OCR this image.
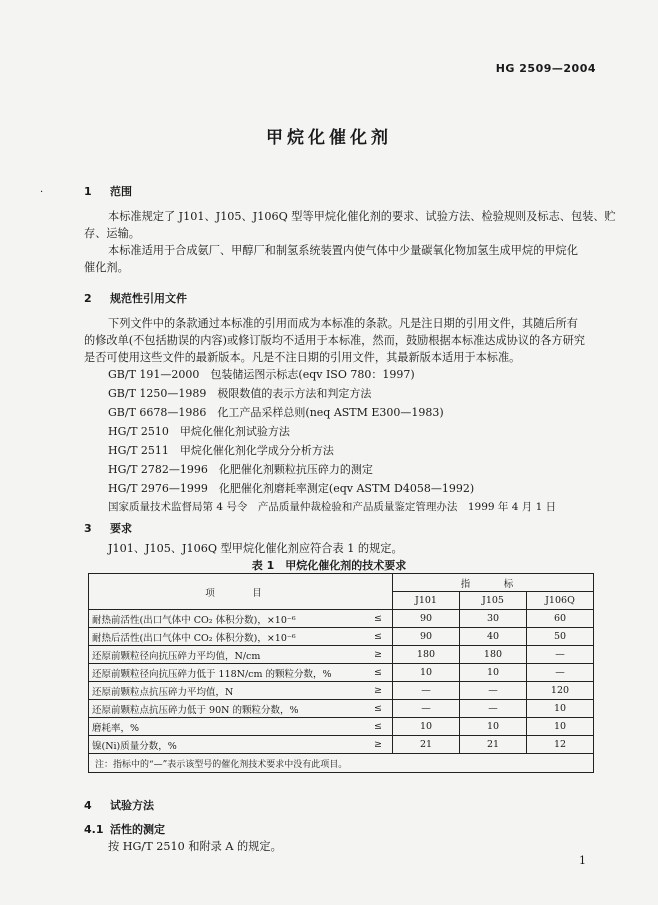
·
HG 2509—2004
甲烷化催化剂
1 范围
本标准规定了 J101、J105、J106Q 型等甲烷化催化剂的要求、试验方法、检验规则及标志、包装、贮
存、运输。
本标准适用于合成氨厂、甲醇厂和制氢系统装置内使气体中少量碳氧化物加氢生成甲烷的甲烷化
催化剂。
2 规范性引用文件
下列文件中的条款通过本标准的引用而成为本标准的条款。凡是注日期的引用文件，其随后所有
的修改单(不包括勘误的内容)或修订版均不适用于本标准，然而，鼓励根据本标准达成协议的各方研究
是否可使用这些文件的最新版本。凡是不注日期的引用文件，其最新版本适用于本标准。
GB/T 191—2000　包装储运图示标志(eqv ISO 780：1997)
GB/T 1250—1989　极限数值的表示方法和判定方法
GB/T 6678—1986　化工产品采样总则(neq ASTM E300—1983)
HG/T 2510　甲烷化催化剂试验方法
HG/T 2511　甲烷化催化剂化学成分分析方法
HG/T 2782—1996　化肥催化剂颗粒抗压碎力的测定
HG/T 2976—1999　化肥催化剂磨耗率测定(eqv ASTM D4058—1992)
国家质量技术监督局第 4 号令　产品质量仲裁检验和产品质量鉴定管理办法　1999 年 4 月 1 日
3 要求
J101、J105、J106Q 型甲烷化催化剂应符合表 1 的规定。
表 1　甲烷化催化剂的技术要求
项　目		指　标		
		J101	J105	J106Q
耐热前活性(出口气体中 CO₂ 体积分数)，×10⁻⁶	≤	90	30	60
耐热后活性(出口气体中 CO₂ 体积分数)，×10⁻⁶	≤	90	40	50
还原前颗粒径向抗压碎力平均值，N/cm	≥	180	180	—
还原前颗粒径向抗压碎力低于 118N/cm 的颗粒分数，%	≤	10	10	—
还原前颗粒点抗压碎力平均值，N	≥	—	—	120
还原前颗粒点抗压碎力低于 90N 的颗粒分数，%	≤	—	—	10
磨耗率，%	≤	10	10	10
镍(Ni)质量分数，%	≥	21	21	12
注：指标中的“—”表示该型号的催化剂技术要求中没有此项目。				
4 试验方法
4.1 活性的测定
按 HG/T 2510 和附录 A 的规定。
1
